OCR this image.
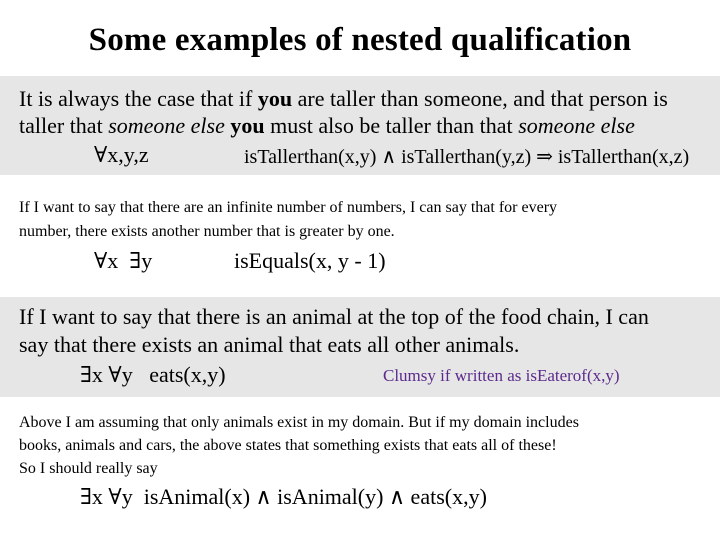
Some examples of nested qualification
It is always the case that if you are taller than someone, and that person is
taller that someone else you must also be taller than that someone else
∀x,y,z	isTallerthan(x,y) ∧ isTallerthan(y,z) ⇒ isTallerthan(x,z)
If I want to say that there are an infinite number of numbers, I can say that for every
number, there exists another number that is greater by one.
∀x  ∃y	isEquals(x, y - 1)
If I want to say that there is an animal at the top of the food chain, I can
say that there exists an animal that eats all other animals.
∃x ∀y   eats(x,y)	Clumsy if written as isEaterof(x,y)
Above I am assuming that only animals exist in my domain. But if my domain includes
books, animals and cars, the above states that something exists that eats all of these!
So I should really say
∃x ∀y  isAnimal(x) ∧ isAnimal(y) ∧ eats(x,y)
